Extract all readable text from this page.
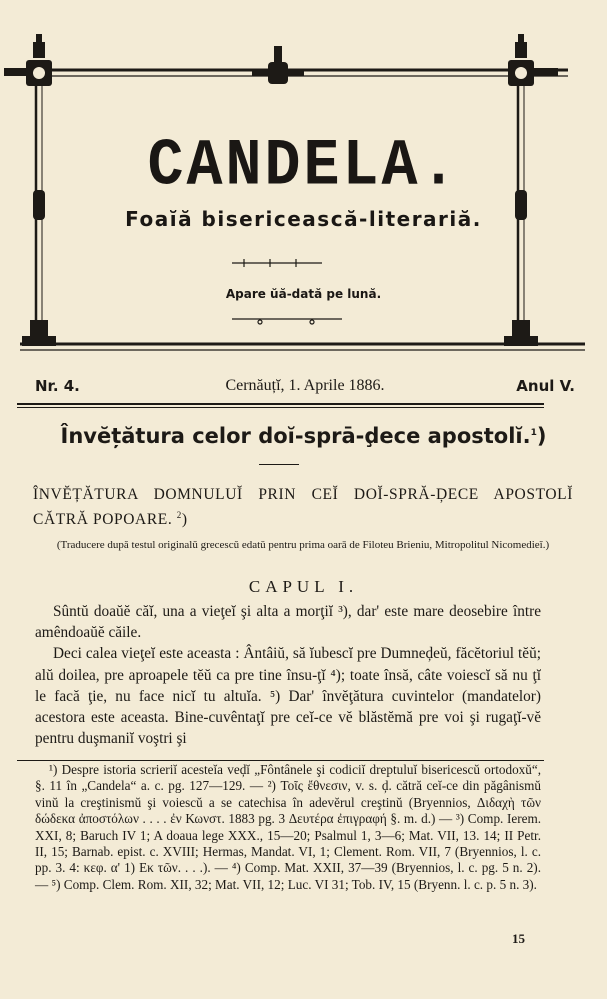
CANDELA.
Foaĭă bisericească-literariă.
Apare ŭă-dată pe lună.
Nr. 4.	Cernăuțĭ, 1. Aprile 1886.	Anul V.
Învĕțătura celor doĭ-sprā-ḑece apostolĭ.$^1$)
ÎNVĔȚĂTURA DOMNULUĬ PRIN CEĬ DOĬ-SPRĂ-ḐECE APOSTOLĬ CĂTRĂ POPOARE. $^2$)
(Traducere după testul originalŭ grecescŭ edatŭ pentru prima oarā de Filoteu Brieniu, Mitropolitul Nicomedieĭ.)
CAPUL I.

Sûntŭ doaŭĕ căĭ, una a vieţeĭ şi alta a morţiĭ ³), dar' este mare deosebire între amêndoaŭĕ căile.

Deci calea vieţeĭ este aceasta : Ântâiŭ, să ĭubescĭ pre Dumneḑeŭ, făcĕtoriul tĕŭ; alŭ doilea, pre aproapele tĕŭ ca pre tine însu-ţĭ ⁴); toate însă, câte voiescĭ să nu ţĭ le facă ţie, nu face nicĭ tu altuĭa. ⁵) Dar' învĕţătura cuvintelor (mandatelor) acestora este aceasta. Bine-cuvêntaţĭ pre ceĭ-ce vĕ blăstĕmă pre voi şi rugaţĭ-vĕ pentru duşmaniĭ voştri şi

¹) Despre istoria scrieriĭ acesteĭa veḑĭ „Fôntânele şi codiciĭ dreptuluĭ bisericescŭ ortodoxŭ“, §. 11 în „Candela“ a. c. pg. 127—129. — ²) Τοῖς ἔθνεσιν, v. s. ḑ. cătră ceĭ-ce din păgânismŭ vinŭ la creştinismŭ şi voiescŭ a se catechisa în adevĕrul creştinŭ (Bryennios, Διδαχὴ τῶν δώδεκα ἀποστόλων . . . . ἐν Κωνστ. 1883 pg. 3 Δευτέρα ἐπιγραφή §. m. d.) — ³) Comp. Ierem. XXI, 8; Baruch IV 1; A doaua lege XXX., 15—20; Psalmul 1, 3—6; Mat. VII, 13. 14; II Petr. II, 15; Barnab. epist. c. XVIII; Hermas, Mandat. VI, 1; Clement. Rom. VII, 7 (Bryennios, l. c. pp. 3. 4: κεφ. α' 1) Εκ τῶν. . . .). — ⁴) Comp. Mat. XXII, 37—39 (Bryennios, l. c. pg. 5 n. 2). — ⁵) Comp. Clem. Rom. XII, 32; Mat. VII, 12; Luc. VI 31; Tob. IV, 15 (Bryenn. l. c. p. 5 n. 3).

15
